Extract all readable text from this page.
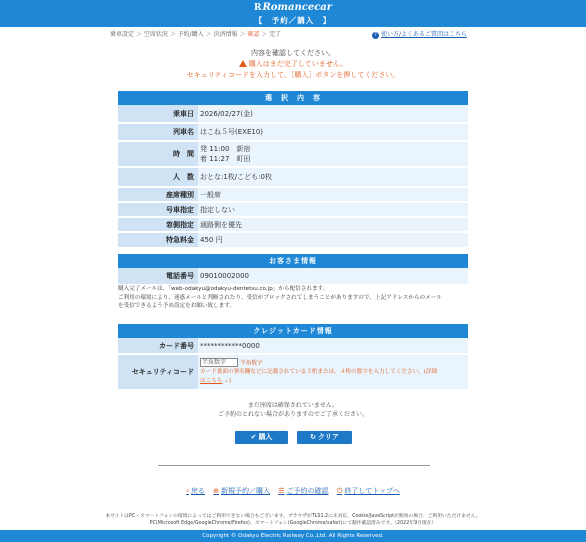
RRomancecar
【　予約／購入　】
乗車設定 ＞ 空席状況 ＞ 予約/購入 ＞ 決済情報 ＞ 確認 ＞ 完了	? 使い方/よくあるご質問はこちら
内容を確認してください。
購入はまだ完了していません。
セキュリティコードを入力して、［購入］ボタンを押してください。
選　択　内　容
乗車日	2026/02/27(金)
列車名	はこね５号(EXE10)
時　間	発 11:00　新宿
着 11:27　町田

人　数	おとな:1枚/こども:0枚
座席種別	一般席
号車指定	指定しない
窓側指定	通路側を優先
特急料金	450 円
お客さま情報
電話番号	09010002000
購入完了メールは、「web-odakyu@odakyu-dentetsu.co.jp」から配信されます。
ご利用の環境により、迷惑メールと判断されたり、受信がブロックされてしまうことがありますので、上記アドレスからのメール
を受信できるよう予め設定をお願い致します。
クレジットカード情報
カード番号	************0000
セキュリティコード	半角数字 半角数字
カード裏面の署名欄などに記載されている３桁または、４桁の数字を入力してください。(詳細
はこちら ⌄)
まだ座席は確保されていません。
ご予約のとれない場合がありますのでご了承ください。
✔ 購入	↻ クリア
‹ 戻る ⊕ 新規予約／購入 ☰ ご予約の確認 ⏻ 終了してトップへ
本サイトはPC・スマートフォンの環境によってはご利用できない場合もございます。ブラウザがTLS1.2に未対応、Cookie/JavaScriptが無効の場合、ご利用いただけません。
PC(Microsoft Edge/GoogleChrome/Firefox)、スマートフォン(GoogleChrome/safari)にて動作確認済みです。（2022年9月現在）
Copyright © Odakyu Electric Railway Co.,Ltd. All Rights Reserved.
